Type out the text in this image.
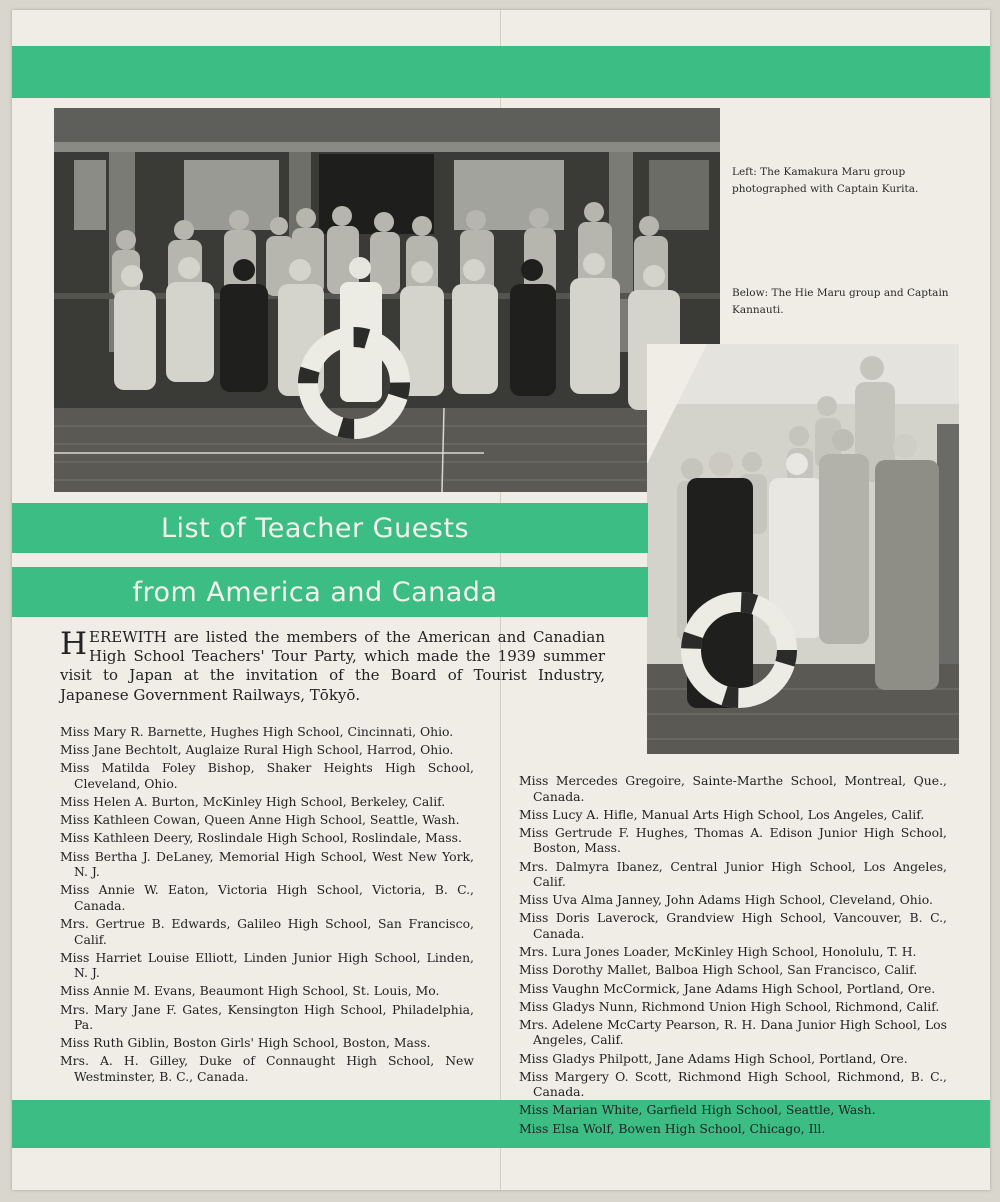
Left: The Kamakura Maru group photographed with Captain Kurita.
Below: The Hie Maru group and Captain Kannauti.
List of Teacher Guests
from America and Canada
HEREWITH are listed the members of the American and Canadian High School Teachers' Tour Party, which made the 1939 summer visit to Japan at the invitation of the Board of Tourist Industry, Japanese Government Railways, Tōkyō.
Miss Mary R. Barnette, Hughes High School, Cincinnati, Ohio.
Miss Jane Bechtolt, Auglaize Rural High School, Harrod, Ohio.
Miss Matilda Foley Bishop, Shaker Heights High School, Cleveland, Ohio.
Miss Helen A. Burton, McKinley High School, Berkeley, Calif.
Miss Kathleen Cowan, Queen Anne High School, Seattle, Wash.
Miss Kathleen Deery, Roslindale High School, Roslindale, Mass.
Miss Bertha J. DeLaney, Memorial High School, West New York, N. J.
Miss Annie W. Eaton, Victoria High School, Victoria, B. C., Canada.
Mrs. Gertrue B. Edwards, Galileo High School, San Francisco, Calif.
Miss Harriet Louise Elliott, Linden Junior High School, Linden, N. J.
Miss Annie M. Evans, Beaumont High School, St. Louis, Mo.
Mrs. Mary Jane F. Gates, Kensington High School, Philadelphia, Pa.
Miss Ruth Giblin, Boston Girls' High School, Boston, Mass.
Mrs. A. H. Gilley, Duke of Connaught High School, New Westminster, B. C., Canada.
Miss Mercedes Gregoire, Sainte-Marthe School, Montreal, Que., Canada.
Miss Lucy A. Hifle, Manual Arts High School, Los Angeles, Calif.
Miss Gertrude F. Hughes, Thomas A. Edison Junior High School, Boston, Mass.
Mrs. Dalmyra Ibanez, Central Junior High School, Los Angeles, Calif.
Miss Uva Alma Janney, John Adams High School, Cleveland, Ohio.
Miss Doris Laverock, Grandview High School, Vancouver, B. C., Canada.
Mrs. Lura Jones Loader, McKinley High School, Honolulu, T. H.
Miss Dorothy Mallet, Balboa High School, San Francisco, Calif.
Miss Vaughn McCormick, Jane Adams High School, Portland, Ore.
Miss Gladys Nunn, Richmond Union High School, Richmond, Calif.
Mrs. Adelene McCarty Pearson, R. H. Dana Junior High School, Los Angeles, Calif.
Miss Gladys Philpott, Jane Adams High School, Portland, Ore.
Miss Margery O. Scott, Richmond High School, Richmond, B. C., Canada.
Miss Marian White, Garfield High School, Seattle, Wash.
Miss Elsa Wolf, Bowen High School, Chicago, Ill.
